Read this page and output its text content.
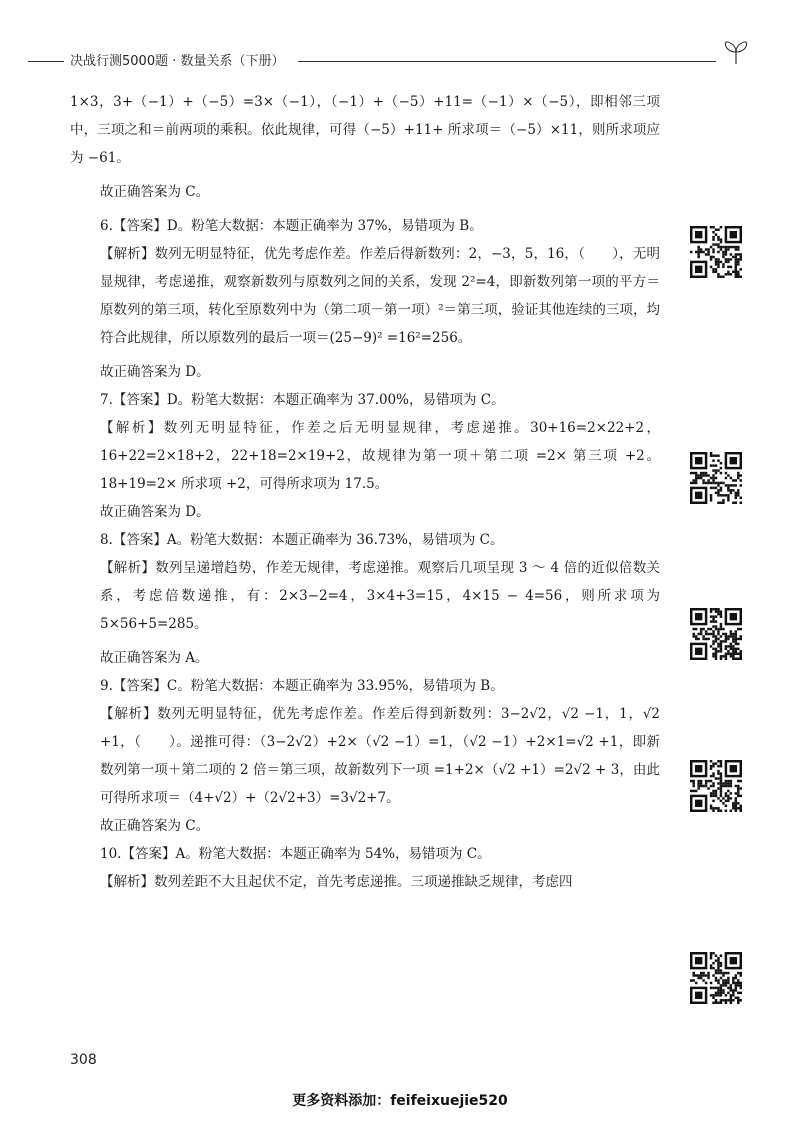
决战行测5000题 · 数量关系（下册）

1×3，3+（−1）+（−5）=3×（−1），（−1）+（−5）+11=（−1）×（−5），即相邻三项中，三项之和＝前两项的乘积。依此规律，可得（−5）+11+ 所求项＝（−5）×11，则所求项应为 −61。

故正确答案为 C。

6.【答案】D。粉笔大数据：本题正确率为 37%，易错项为 B。

【解析】数列无明显特征，优先考虑作差。作差后得新数列：2，−3，5，16，（　　），无明显规律，考虑递推，观察新数列与原数列之间的关系，发现 2²=4，即新数列第一项的平方＝原数列的第三项，转化至原数列中为（第二项－第一项）²＝第三项，验证其他连续的三项，均符合此规律，所以原数列的最后一项＝(25−9)² =16²=256。

故正确答案为 D。

7.【答案】D。粉笔大数据：本题正确率为 37.00%，易错项为 C。

【解析】数列无明显特征，作差之后无明显规律，考虑递推。30+16=2×22+2，16+22=2×18+2，22+18=2×19+2，故规律为第一项＋第二项 =2× 第三项 +2。18+19=2× 所求项 +2，可得所求项为 17.5。

故正确答案为 D。

8.【答案】A。粉笔大数据：本题正确率为 36.73%，易错项为 C。

【解析】数列呈递增趋势，作差无规律，考虑递推。观察后几项呈现 3 ～ 4 倍的近似倍数关系，考虑倍数递推，有：2×3−2=4，3×4+3=15，4×15 − 4=56，则所求项为 5×56+5=285。

故正确答案为 A。

9.【答案】C。粉笔大数据：本题正确率为 33.95%，易错项为 B。

【解析】数列无明显特征，优先考虑作差。作差后得到新数列：3−2√2，√2 −1，1，√2 +1，（　　）。递推可得：（3−2√2）+2×（√2 −1）=1，（√2 −1）+2×1=√2 +1，即新数列第一项＋第二项的 2 倍＝第三项，故新数列下一项 =1+2×（√2 +1）=2√2 + 3，由此可得所求项＝（4+√2）+（2√2+3）=3√2+7。

故正确答案为 C。

10.【答案】A。粉笔大数据：本题正确率为 54%，易错项为 C。

【解析】数列差距不大且起伏不定，首先考虑递推。三项递推缺乏规律，考虑四

308
更多资料添加：feifeixuejie520
